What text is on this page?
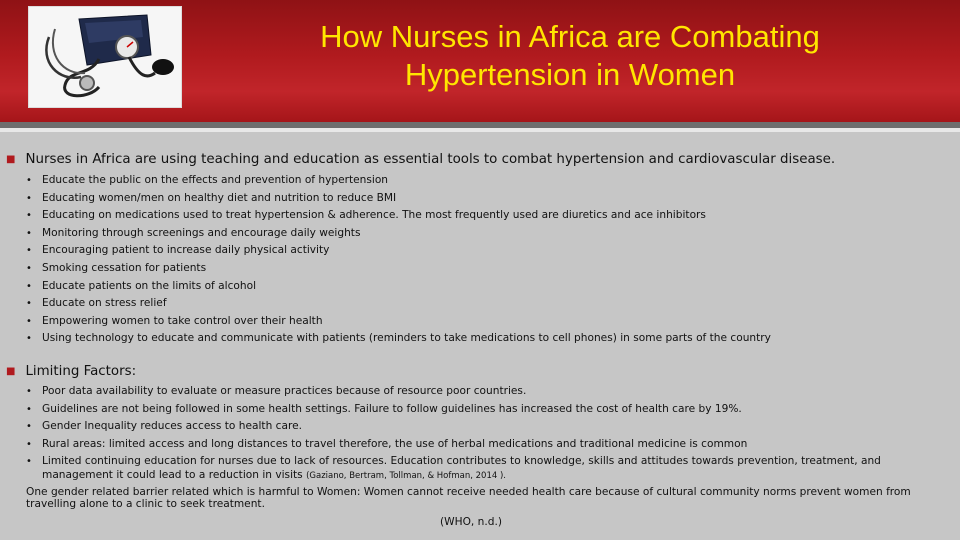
How Nurses in Africa are Combating
Hypertension in Women
■ Nurses in Africa are using teaching and education as essential tools to combat hypertension and cardiovascular disease.
• Educate the public on the effects and prevention of hypertension
• Educating women/men on healthy diet and nutrition to reduce BMI
• Educating on medications used to treat hypertension & adherence. The most frequently used are diuretics and ace inhibitors
• Monitoring through screenings and encourage daily weights
• Encouraging patient to increase daily physical activity
• Smoking cessation for patients
• Educate patients on the limits of alcohol
• Educate on stress relief
• Empowering women to take control over their health
• Using technology to educate and communicate with patients (reminders to take medications to cell phones) in some parts of the country
■ Limiting Factors:
• Poor data availability to evaluate or measure practices because of resource poor countries.
• Guidelines are not being followed in some health settings. Failure to follow guidelines has increased the cost of health care by 19%.
• Gender Inequality reduces access to health care.
• Rural areas: limited access and long distances to travel therefore, the use of herbal medications and traditional medicine is common
• Limited continuing education for nurses due to lack of resources. Education contributes to knowledge, skills and attitudes towards prevention, treatment, and
management it could lead to a reduction in visits (Gaziano, Bertram, Tollman, & Hofman, 2014 ).
One gender related barrier related which is harmful to Women: Women cannot receive needed health care because of cultural community norms prevent women from travelling alone to a clinic to seek treatment.
(WHO, n.d.)
